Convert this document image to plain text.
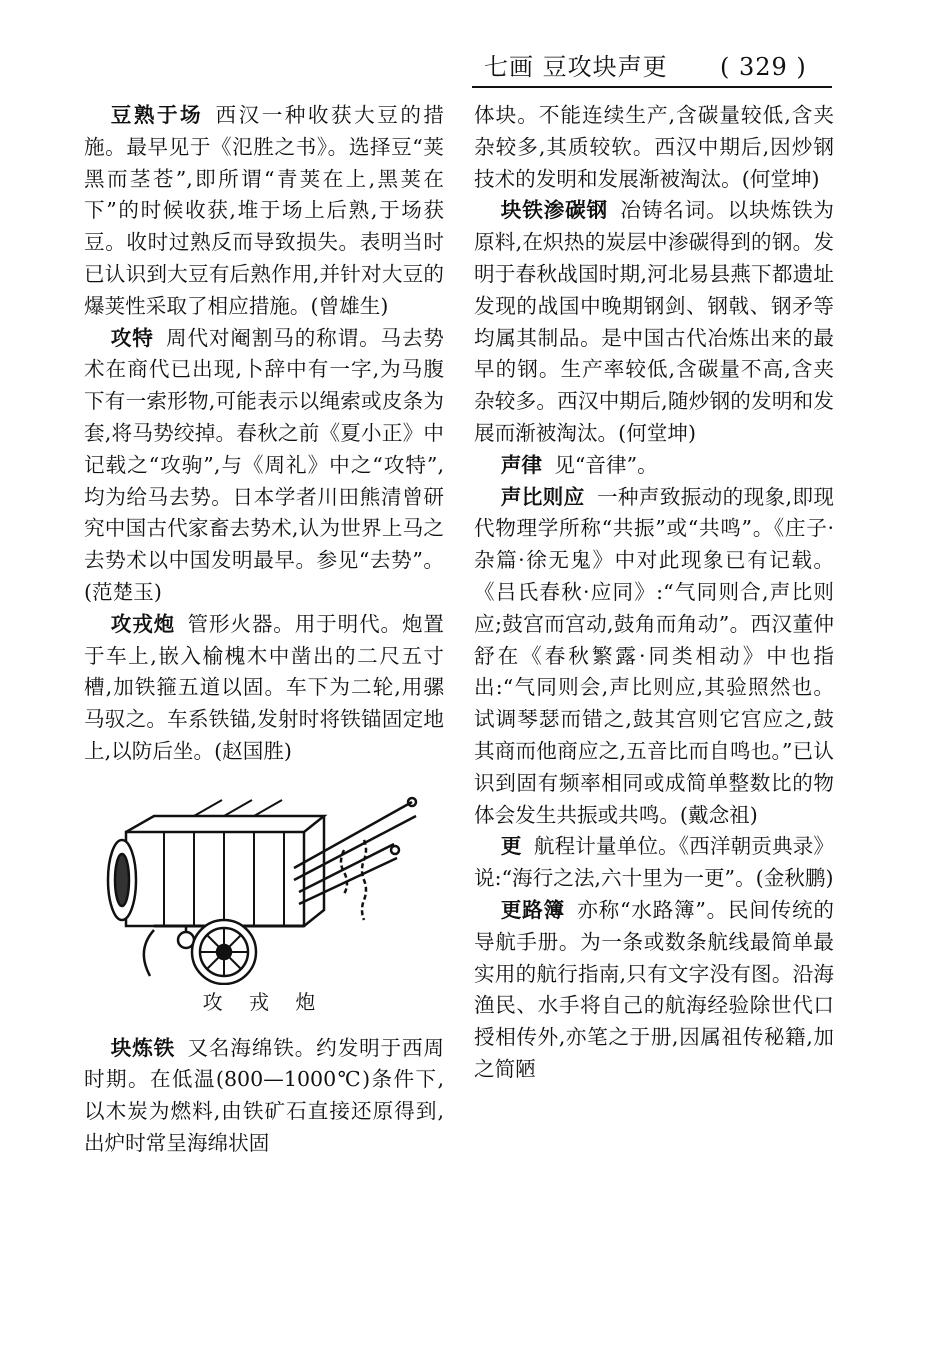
七画 豆攻块声更 ( 329 )

豆熟于场 西汉一种收获大豆的措施。最早见于《氾胜之书》。选择豆“荚黑而茎苍”,即所谓“青荚在上,黑荚在下”的时候收获,堆于场上后熟,于场获豆。收时过熟反而导致损失。表明当时已认识到大豆有后熟作用,并针对大豆的爆荚性采取了相应措施。(曾雄生)

攻特 周代对阉割马的称谓。马去势术在商代已出现,卜辞中有一字,为马腹下有一索形物,可能表示以绳索或皮条为套,将马势绞掉。春秋之前《夏小正》中记载之“攻驹”,与《周礼》中之“攻特”,均为给马去势。日本学者川田熊清曾研究中国古代家畜去势术,认为世界上马之去势术以中国发明最早。参见“去势”。(范楚玉)

攻戎炮 管形火器。用于明代。炮置于车上,嵌入榆槐木中凿出的二尺五寸槽,加铁箍五道以固。车下为二轮,用骡马驭之。车系铁锚,发射时将铁锚固定地上,以防后坐。(赵国胜)

攻 戎 炮

块炼铁 又名海绵铁。约发明于西周时期。在低温(800—1000℃)条件下,以木炭为燃料,由铁矿石直接还原得到,出炉时常呈海绵状固

体块。不能连续生产,含碳量较低,含夹杂较多,其质较软。西汉中期后,因炒钢技术的发明和发展渐被淘汰。(何堂坤)

块铁渗碳钢 冶铸名词。以块炼铁为原料,在炽热的炭层中渗碳得到的钢。发明于春秋战国时期,河北易县燕下都遗址发现的战国中晚期钢剑、钢戟、钢矛等均属其制品。是中国古代冶炼出来的最早的钢。生产率较低,含碳量不高,含夹杂较多。西汉中期后,随炒钢的发明和发展而渐被淘汰。(何堂坤)

声律 见“音律”。

声比则应 一种声致振动的现象,即现代物理学所称“共振”或“共鸣”。《庄子·杂篇·徐无鬼》中对此现象已有记载。《吕氏春秋·应同》:“气同则合,声比则应;鼓宫而宫动,鼓角而角动”。西汉董仲舒在《春秋繁露·同类相动》中也指出:“气同则会,声比则应,其验照然也。试调琴瑟而错之,鼓其宫则它宫应之,鼓其商而他商应之,五音比而自鸣也。”已认识到固有频率相同或成简单整数比的物体会发生共振或共鸣。(戴念祖)

更 航程计量单位。《西洋朝贡典录》说:“海行之法,六十里为一更”。(金秋鹏)

更路簿 亦称“水路簿”。民间传统的导航手册。为一条或数条航线最简单最实用的航行指南,只有文字没有图。沿海渔民、水手将自己的航海经验除世代口授相传外,亦笔之于册,因属祖传秘籍,加之简陋
